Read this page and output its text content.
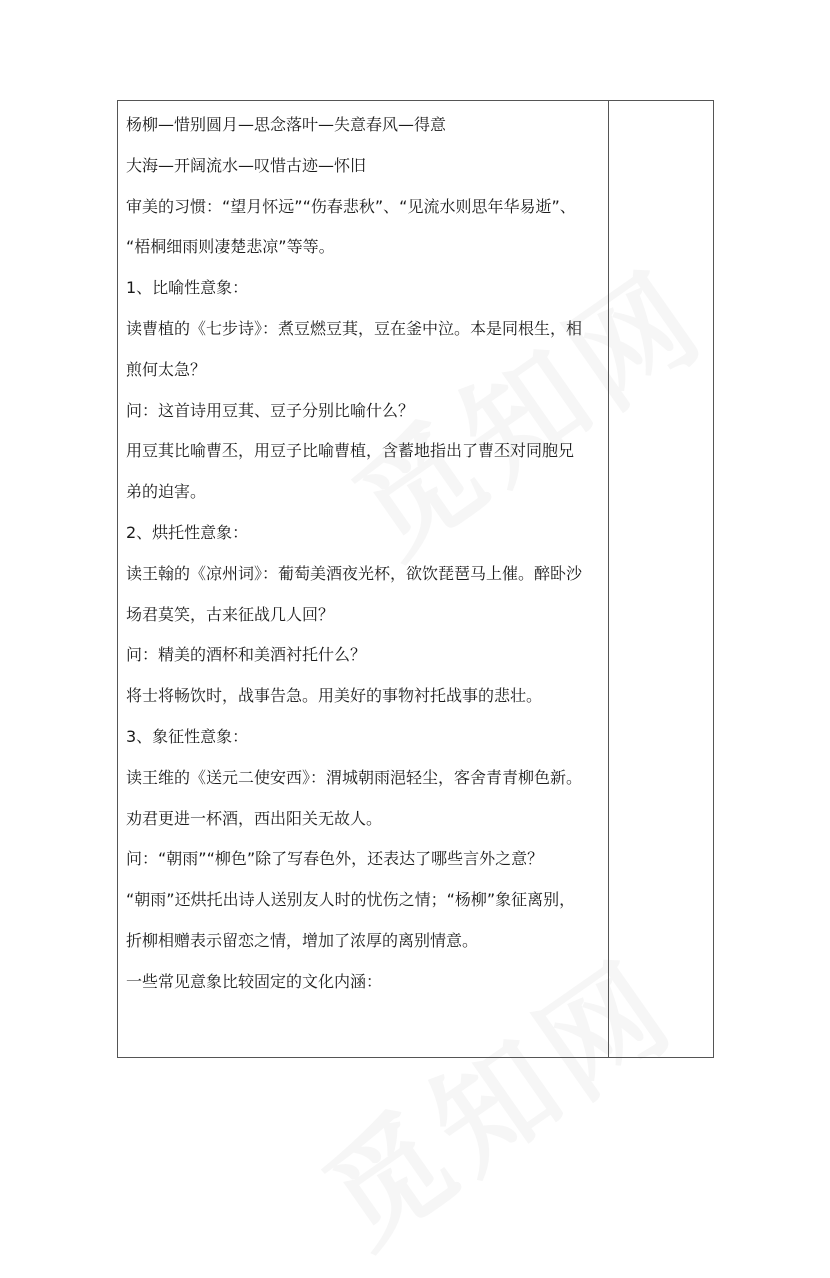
杨柳—惜别圆月—思念落叶—失意春风—得意

大海—开阔流水—叹惜古迹—怀旧

审美的习惯：“望月怀远”“伤春悲秋”、“见流水则思年华易逝”、

“梧桐细雨则凄楚悲凉”等等。

1、比喻性意象：

读曹植的《七步诗》：煮豆燃豆萁，豆在釜中泣。本是同根生，相

煎何太急？

问：这首诗用豆萁、豆子分别比喻什么？

用豆萁比喻曹丕，用豆子比喻曹植，含蓄地指出了曹丕对同胞兄

弟的迫害。

2、烘托性意象：

读王翰的《凉州词》：葡萄美酒夜光杯，欲饮琵琶马上催。醉卧沙

场君莫笑，古来征战几人回？

问：精美的酒杯和美酒衬托什么？

将士将畅饮时，战事告急。用美好的事物衬托战事的悲壮。

3、象征性意象：

读王维的《送元二使安西》：渭城朝雨浥轻尘，客舍青青柳色新。

劝君更进一杯酒，西出阳关无故人。

问：“朝雨”“柳色”除了写春色外，还表达了哪些言外之意？

“朝雨”还烘托出诗人送别友人时的忧伤之情；“杨柳”象征离别，

折柳相赠表示留恋之情，增加了浓厚的离别情意。

一些常见意象比较固定的文化内涵：
